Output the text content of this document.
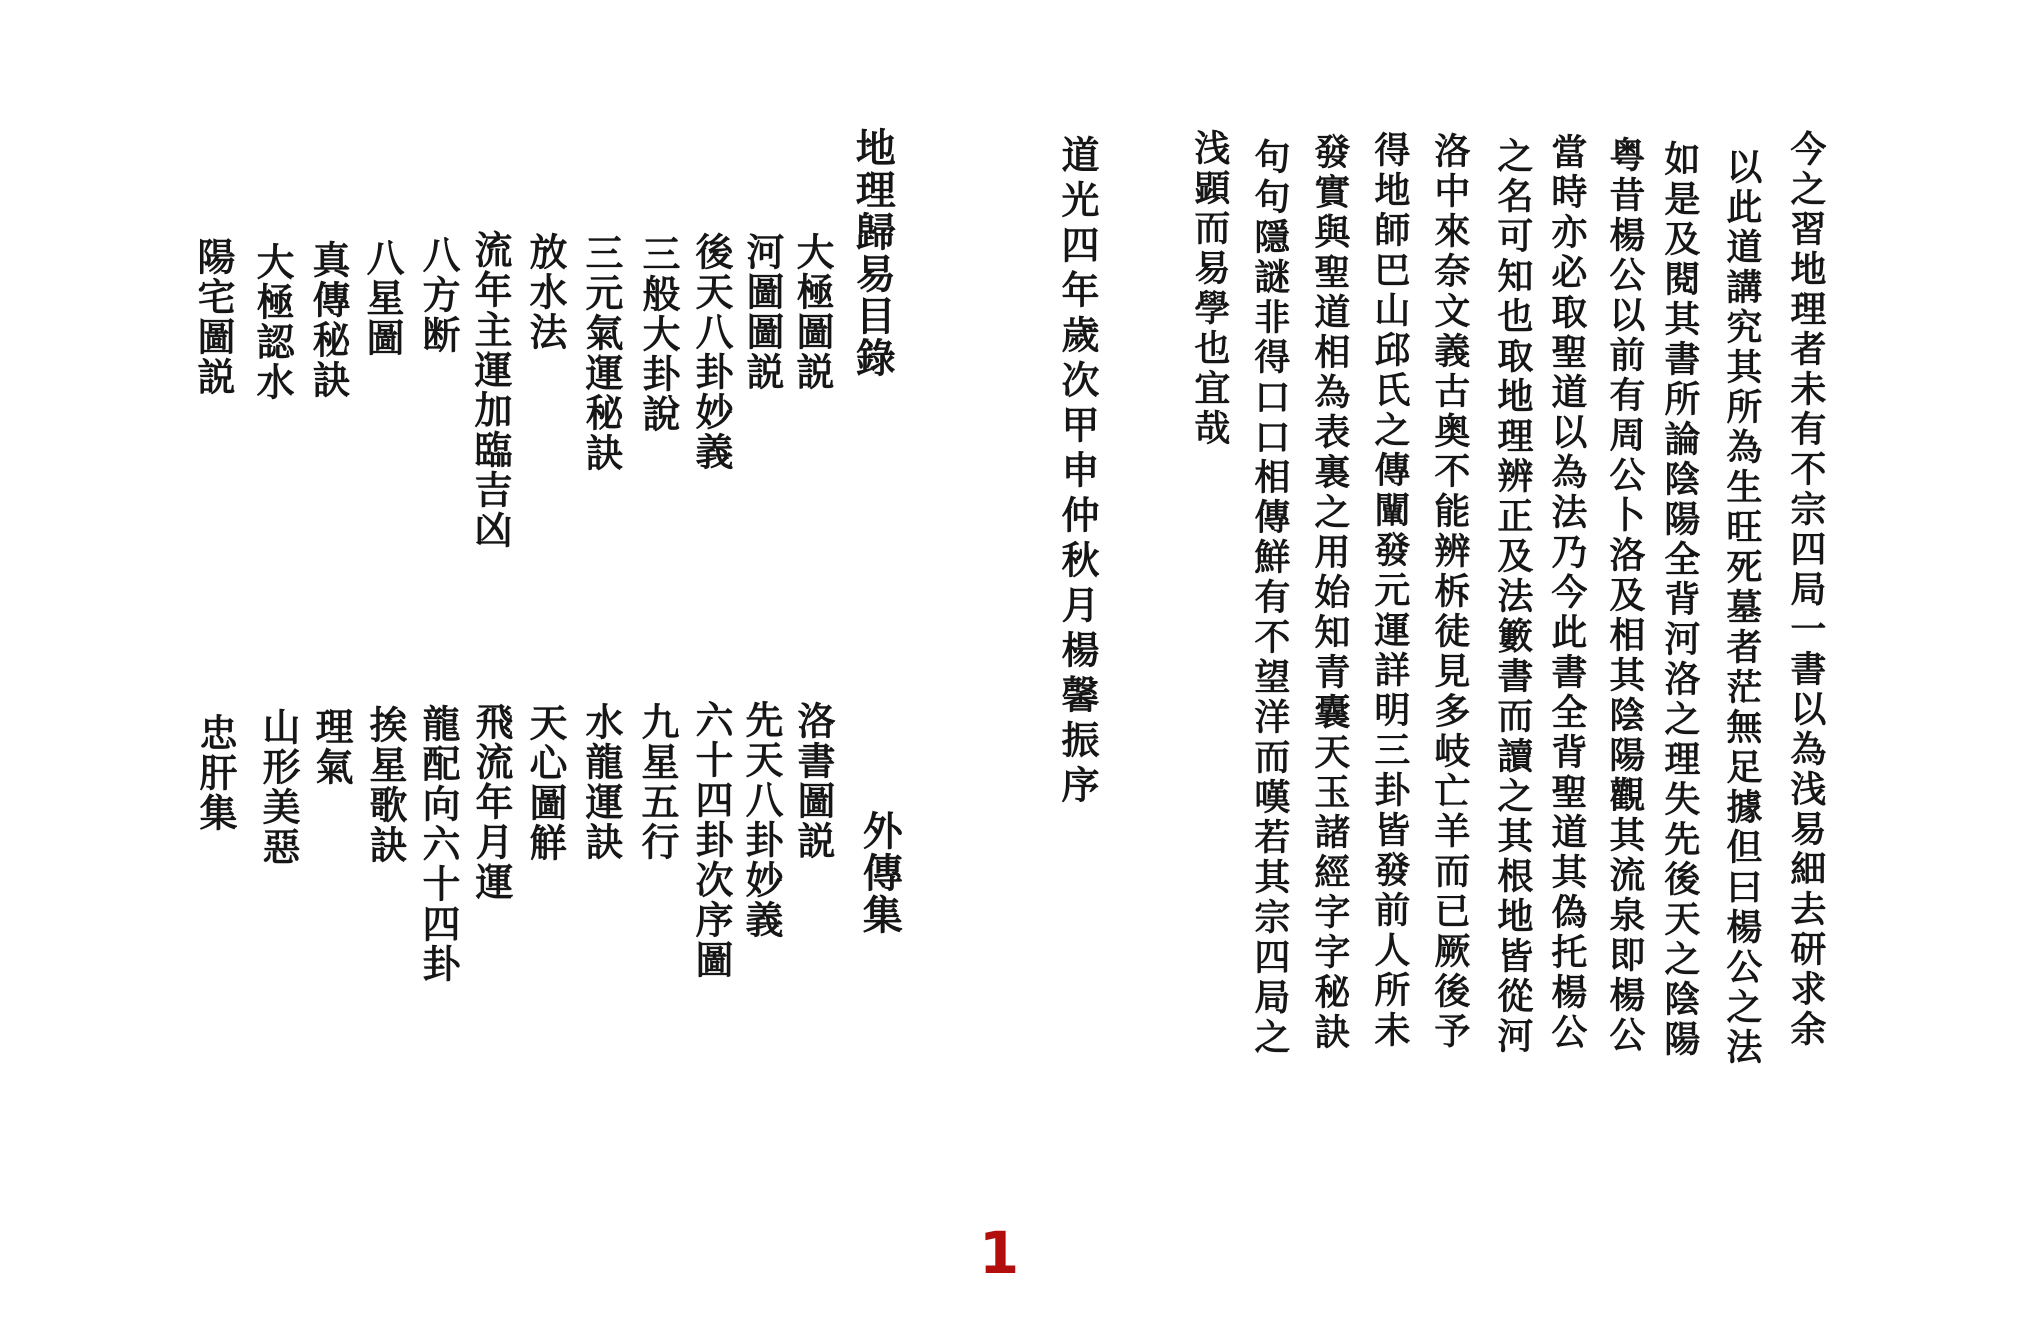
今之習地理者未有不宗四局一書以為浅易細去研求余
以此道講究其所為生旺死墓者茫無足據但曰楊公之法
如是及閱其書所論陰陽全背河洛之理失先後天之陰陽
粤昔楊公以前有周公卜洛及相其陰陽觀其流泉即楊公
當時亦必取聖道以為法乃今此書全背聖道其偽托楊公
之名可知也取地理辨正及法籔書而讀之其根地皆從河
洛中來奈文義古奥不能辨柝徒見多岐亡羊而已厥後予
得地師巴山邱氏之傳闡發元運詳明三卦皆發前人所未
發實與聖道相為表裏之用始知青囊天玉諸經字字秘訣
句句隱謎非得口口相傳鮮有不望洋而嘆若其宗四局之
浅顕而易學也宜哉
道光四年歲次甲申仲秋月楊馨振序
地理歸易目錄
大極圖説
河圖圖説
後天八卦妙義
三般大卦說
三元氣運秘訣
放水法
流年主運加臨吉凶
八方断
八星圖
真傳秘訣
大極認水
陽宅圖説
外傳集
洛書圖説
先天八卦妙義
六十四卦次序圖
九星五行
水龍運訣
天心圖觧
飛流年月運
龍配向六十四卦
挨星歌訣
理氣
山形美惡
忠肝集
1
